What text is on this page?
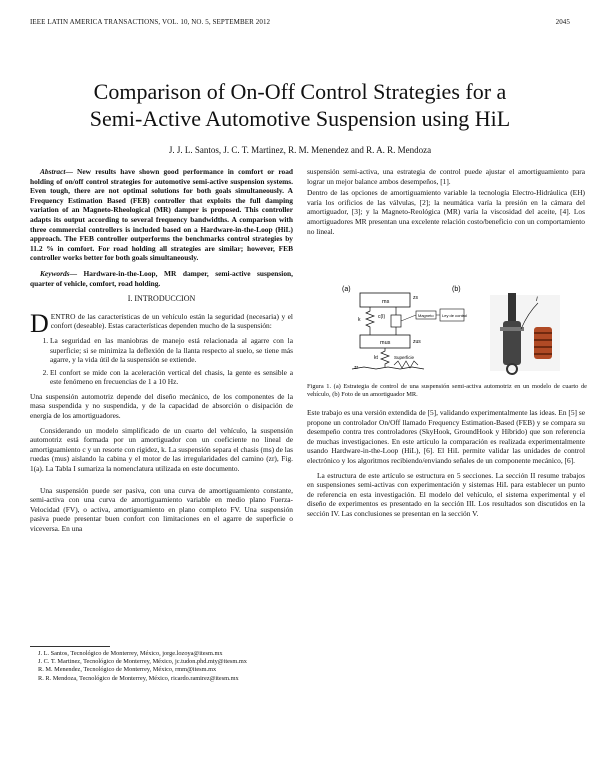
IEEE LATIN AMERICA TRANSACTIONS, VOL. 10, NO. 5, SEPTEMBER 2012	2045
Comparison of On-Off Control Strategies for a
Semi-Active Automotive Suspension using HiL
J. J. L. Santos, J. C. T. Martinez, R. M. Menendez and R. A. R. Mendoza

Abstract— New results have shown good performance in comfort or road holding of on/off control strategies for automotive semi-active suspension systems. Even tough, there are not optimal solutions for both goals simultaneously. A Frequency Estimation Based (FEB) controller that exploits the full damping variation of an Magneto-Rheological (MR) damper is proposed. This controller adapts its output according to several frequency bandwidths. A comparison with three commercial controllers is included based on a Hardware-in-the-Loop (HiL) approach. The FEB controller outperforms the benchmarks control strategies by 11.2 % in comfort. For road holding all strategies are similar; however, FEB controller works better for both goals simultaneously.

Keywords— Hardware-in-the-Loop, MR damper, semi-active suspension, quarter of vehicle, comfort, road holding.

I. INTRODUCCION

DENTRO de las características de un vehículo están la seguridad (necesaria) y el confort (deseable). Estas características dependen mucho de la suspensión:

1. La seguridad en las maniobras de manejo está relacionada al agarre con la superficie; si se minimiza la deflexión de la llanta respecto al suelo, se tiene más agarre, y la vida útil de la suspensión se extiende.
2. El confort se mide con la aceleración vertical del chasis, la gente es sensible a este fenómeno en frecuencias de 1 a 10 Hz.

Una suspensión automotriz depende del diseño mecánico, de los componentes de la masa suspendida y no suspendida, y de la capacidad de absorción o disipación de energía de los amortiguadores.

Considerando un modelo simplificado de un cuarto del vehículo, la suspensión automotriz está formada por un amortiguador con un coeficiente no lineal de amortiguamiento c y un resorte con rigidez, k. La suspensión separa el chasis (ms) de las ruedas (mus) aislando la cabina y el motor de las irregularidades del camino (zr), Fig. 1(a). La Tabla I sumariza la nomenclatura utilizada en este documento.

Una suspensión puede ser pasiva, con una curva de amortiguamiento constante, semi-activa con una curva de amortiguamiento variable en medio plano Fuerza-Velocidad (FV), o activa, amortiguamiento en plano completo FV. Una suspensión pasiva puede presentar buen confort con limitaciones en el agarre de superficie o viceversa. En una

J. L. Santos, Tecnológico de Monterrey, México, jorge.lozoya@itesm.mx

J. C. T. Martinez, Tecnológico de Monterrey, México, jc.tudon.phd.mty@itesm.mx

R. M. Menendez, Tecnológico de Monterrey, México, rmm@itesm.mx

R. R. Mendoza, Tecnológico de Monterrey, México, ricardo.ramirez@itesm.mx

suspensión semi-activa, una estrategia de control puede ajustar el amortiguamiento para lograr un mejor balance ambos desempeños, [1].

Dentro de las opciones de amortiguamiento variable la tecnología Electro-Hidráulica (EH) varía los orificios de las válvulas, [2]; la neumática varía la presión en la cámara del amortiguador, [3]; y la Magneto-Reológica (MR) varía la viscosidad del aceite, [4]. Los amortiguadores MR presentan una excelente relación costo/beneficio con un comportamiento no lineal.

(a)	(b)
ms
zs
k	c(I)
mus	zus
kt
zr
Superficie
Magneto Ley de control
I
Figura 1. (a) Estrategia de control de una suspensión semi-activa automotriz en un modelo de cuarto de vehículo, (b) Foto de un amortiguador MR.

Este trabajo es una versión extendida de [5], validando experimentalmente las ideas. En [5] se propone un controlador On/Off llamado Frequency Estimation-Based (FEB) y se compara su desempeño contra tres controladores (SkyHook, GroundHook y Híbrido) que son referencia de muchas investigaciones. En este artículo la comparación es realizada experimentalmente usando Hardware-in-the-Loop (HiL), [6]. El HiL permite validar las unidades de control electrónico y los algoritmos recibiendo/enviando señales de un componente mecánico, [6].

La estructura de este artículo se estructura en 5 secciones. La sección II resume trabajos en suspensiones semi-activas con experimentación y sistemas HiL para establecer un punto de referencia en esta investigación. El modelo del vehículo, el sistema experimental y el diseño de experimentos es presentado en la sección III. Los resultados son discutidos en la sección IV. Las conclusiones se presentan en la sección V.
